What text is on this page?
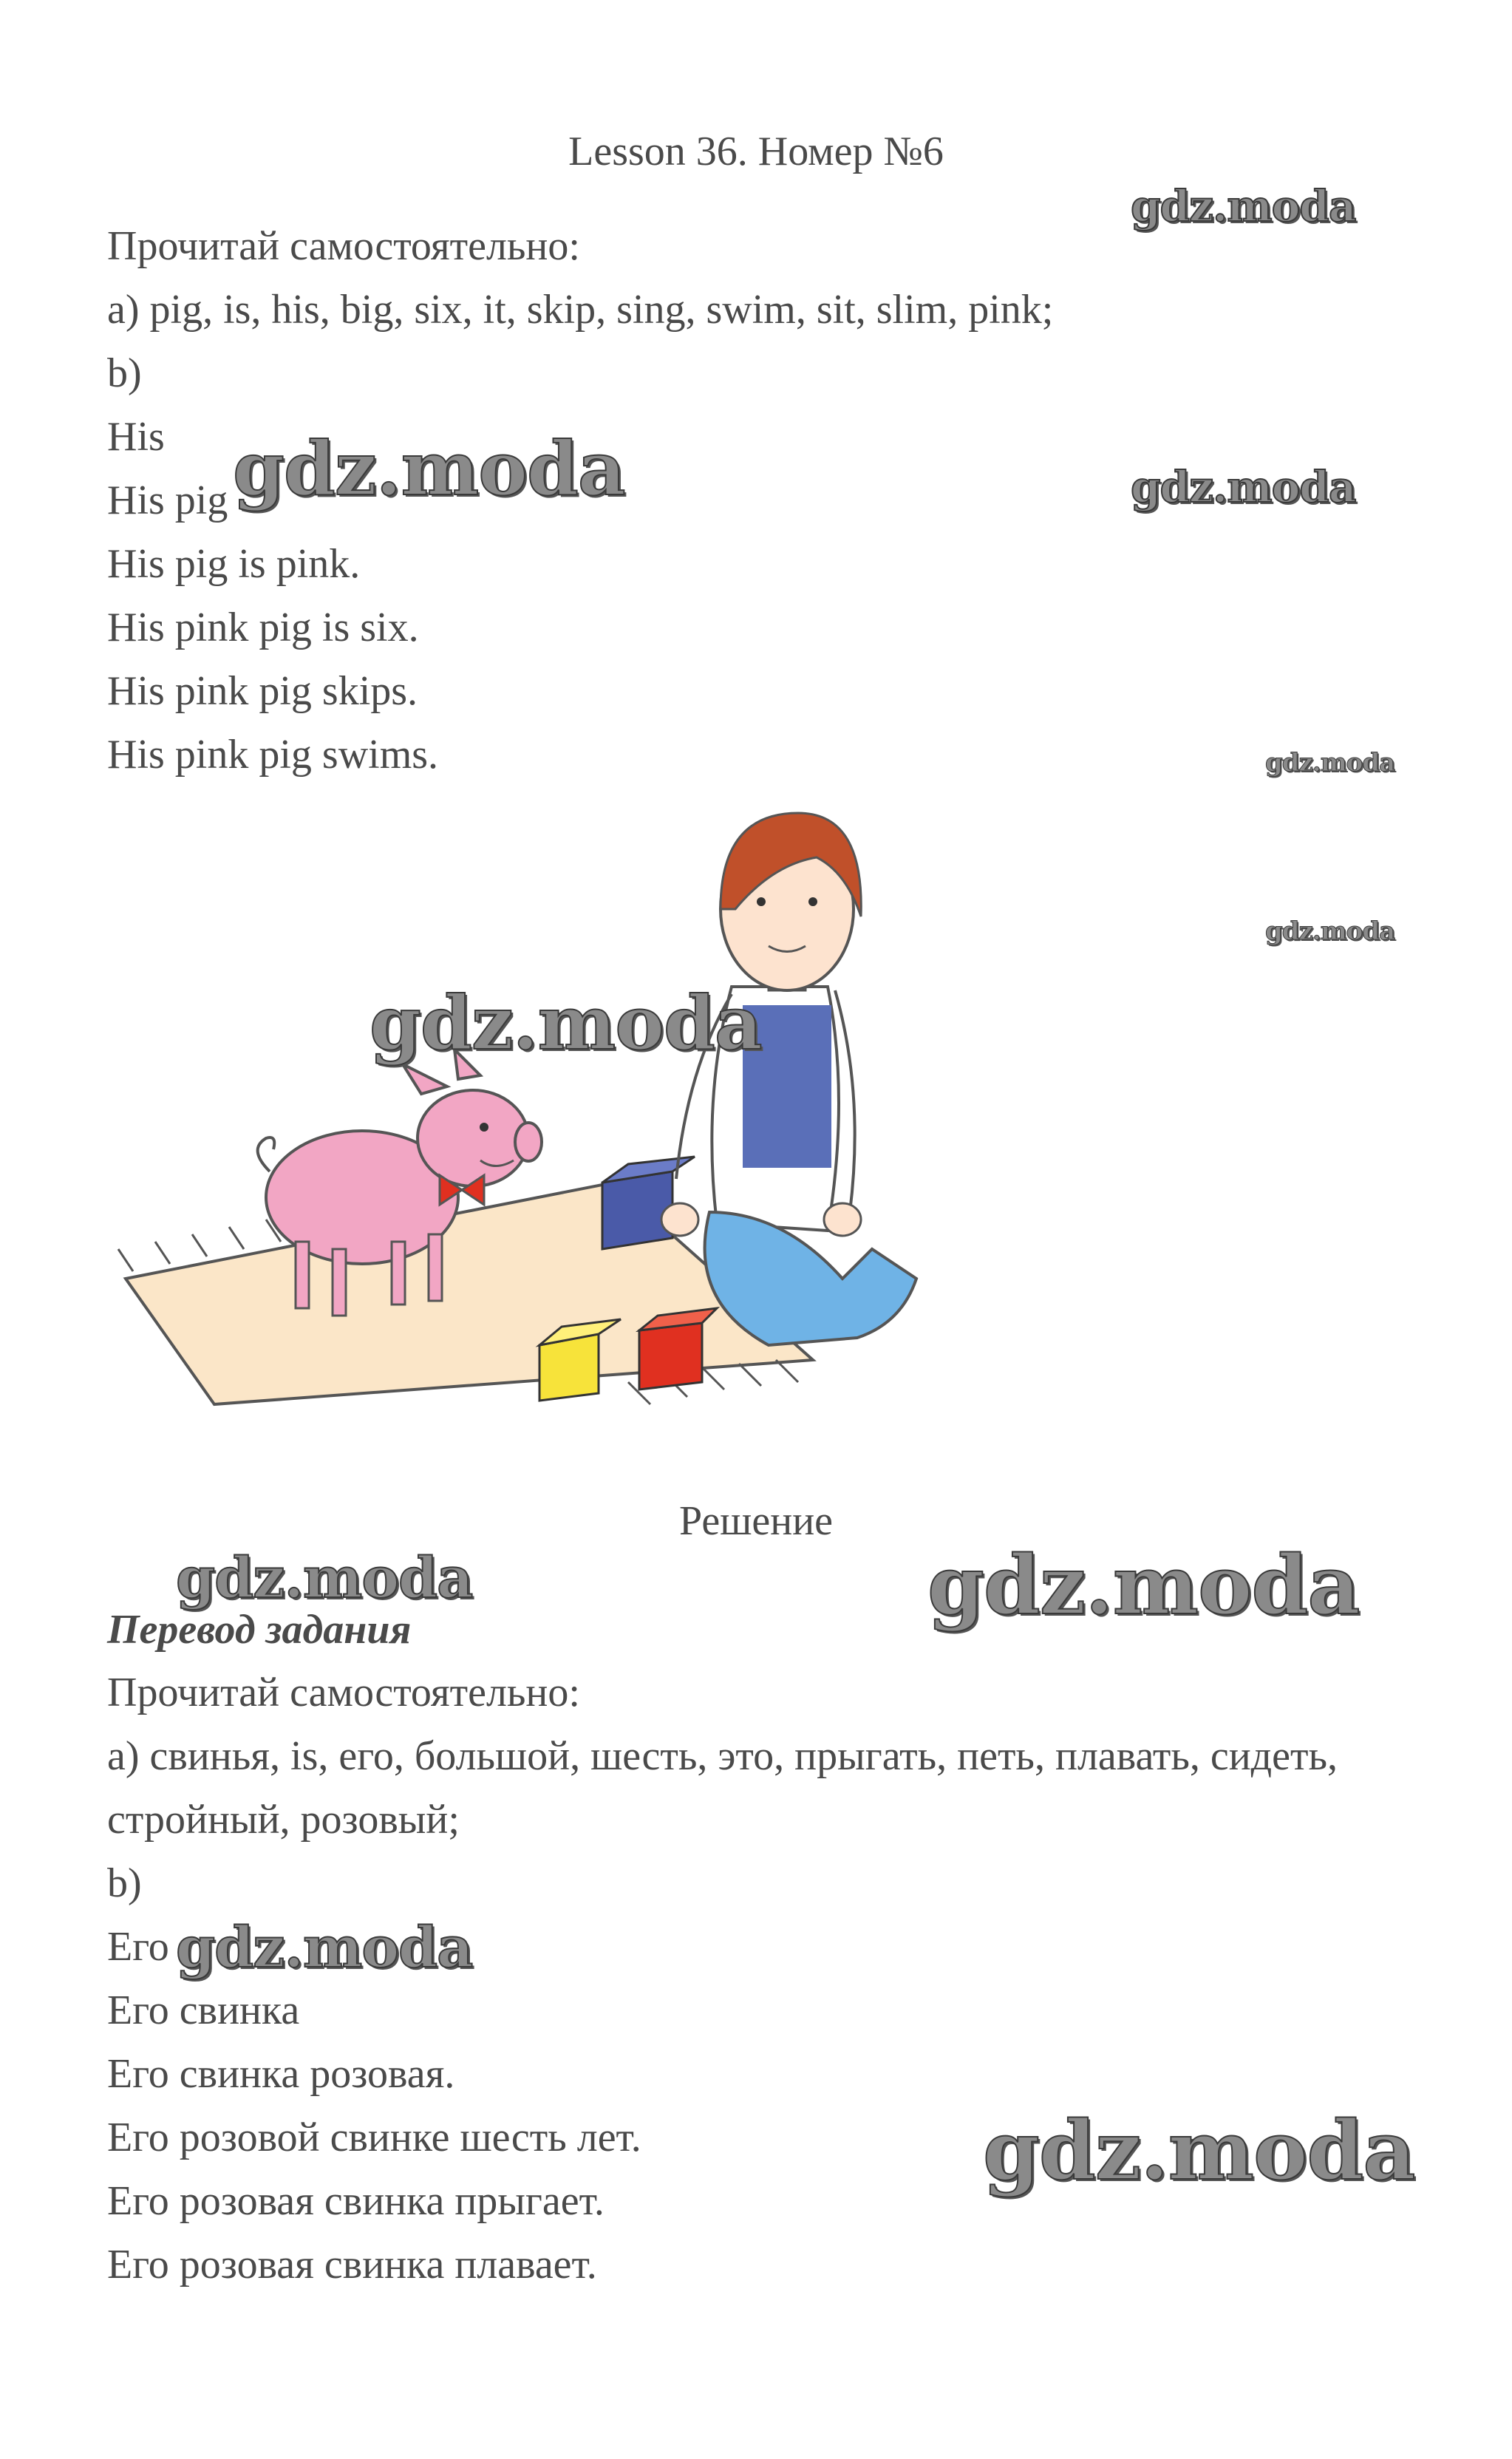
Lesson 36. Номер №6
Прочитай самостоятельно:
a) pig, is, his, big, six, it, skip, sing, swim, sit, slim, pink;
b)
His
His pig
His pig is pink.
His pink pig is six.
His pink pig skips.
His pink pig swims.
Решение
Перевод задания
Прочитай самостоятельно:
a) свинья, is, его, большой, шесть, это, прыгать, петь, плавать, сидеть,
стройный, розовый;
b)
Его
Его свинка
Его свинка розовая.
Его розовой свинке шесть лет.
Его розовая свинка прыгает.
Его розовая свинка плавает.
gdz.moda
gdz.moda	gdz.moda
gdz.moda
gdz.moda
gdz.moda
gdz.moda	gdz.moda
gdz.moda
gdz.moda
